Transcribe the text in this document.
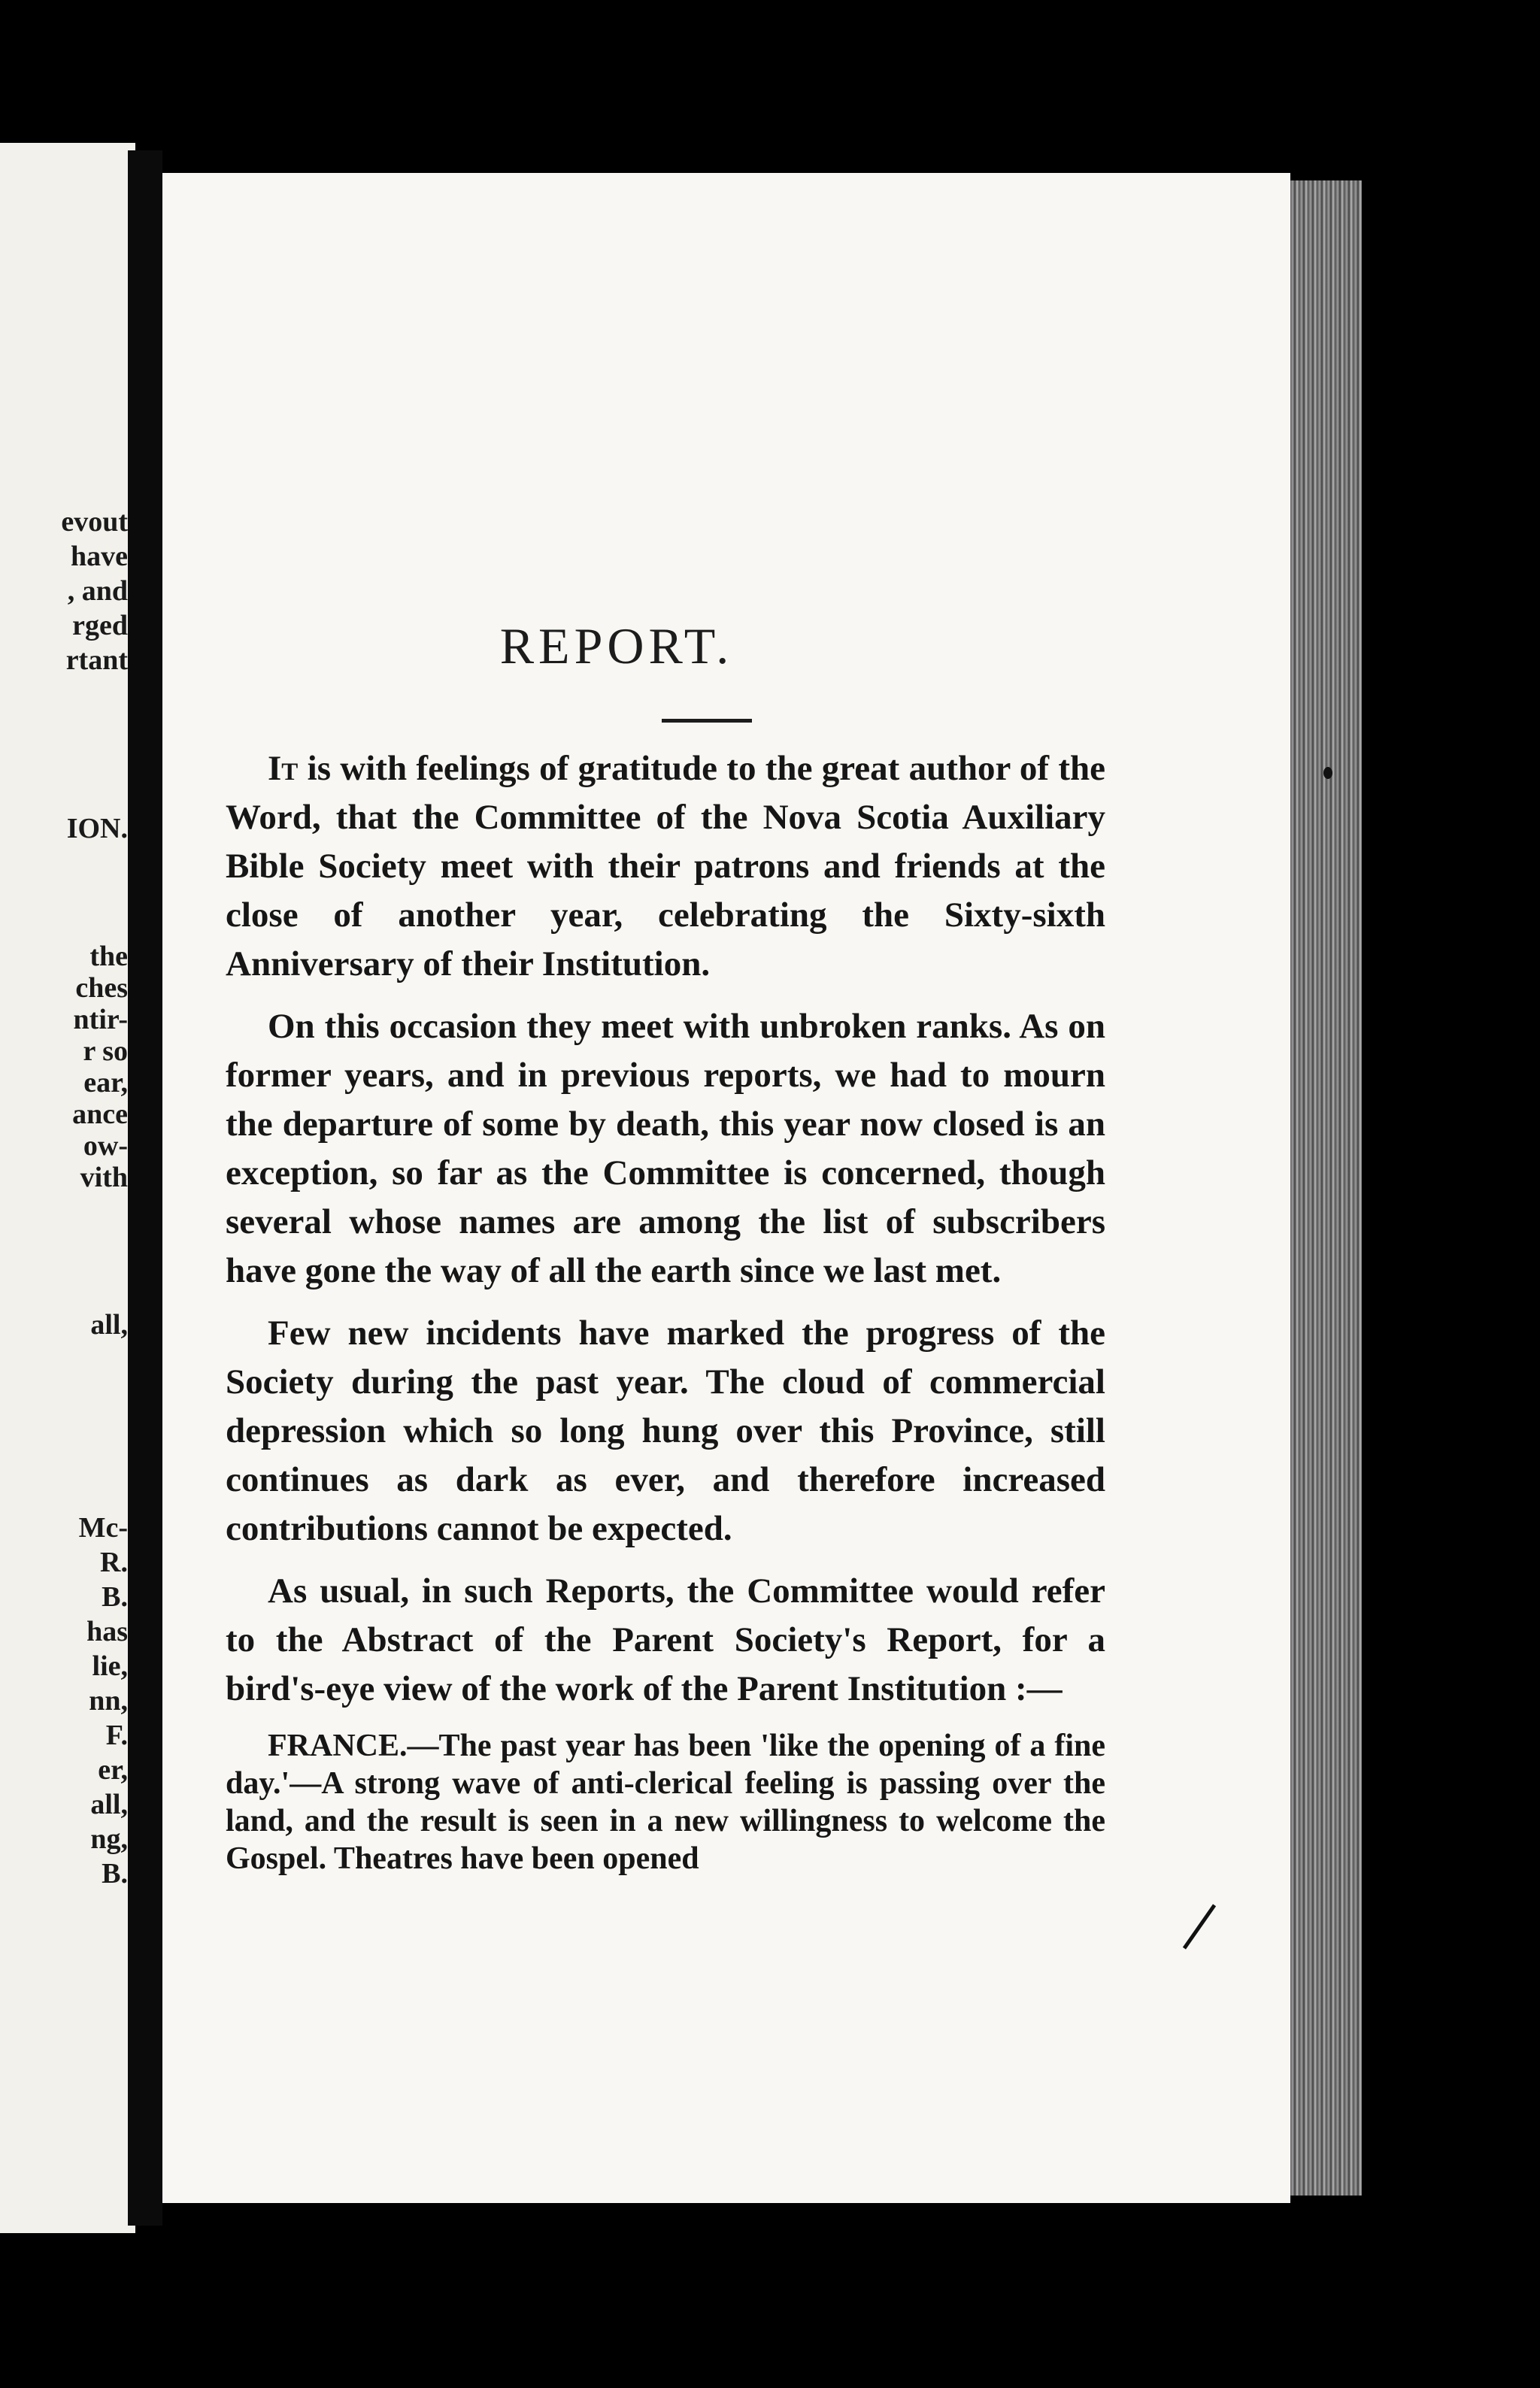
evout
have
, and
rged
rtant
ION.
the
ches
ntir-
r so
ear,
ance
ow-
vith
all,
Mc-
R.
B.
has
lie,
nn,
F.
er,
all,
ng,
B.
REPORT.

It is with feelings of gratitude to the great author of the Word, that the Committee of the Nova Scotia Auxiliary Bible Society meet with their patrons and friends at the close of another year, celebrating the Sixty-sixth Anniversary of their Institution.

On this occasion they meet with unbroken ranks. As on former years, and in previous reports, we had to mourn the departure of some by death, this year now closed is an exception, so far as the Committee is concerned, though several whose names are among the list of subscribers have gone the way of all the earth since we last met.

Few new incidents have marked the progress of the Society during the past year. The cloud of commercial depression which so long hung over this Province, still continues as dark as ever, and therefore increased contributions cannot be expected.

As usual, in such Reports, the Committee would refer to the Abstract of the Parent Society's Report, for a bird's-eye view of the work of the Parent Institution :—

FRANCE.—The past year has been 'like the opening of a fine day.'—A strong wave of anti-clerical feeling is passing over the land, and the result is seen in a new willingness to welcome the Gospel. Theatres have been opened
